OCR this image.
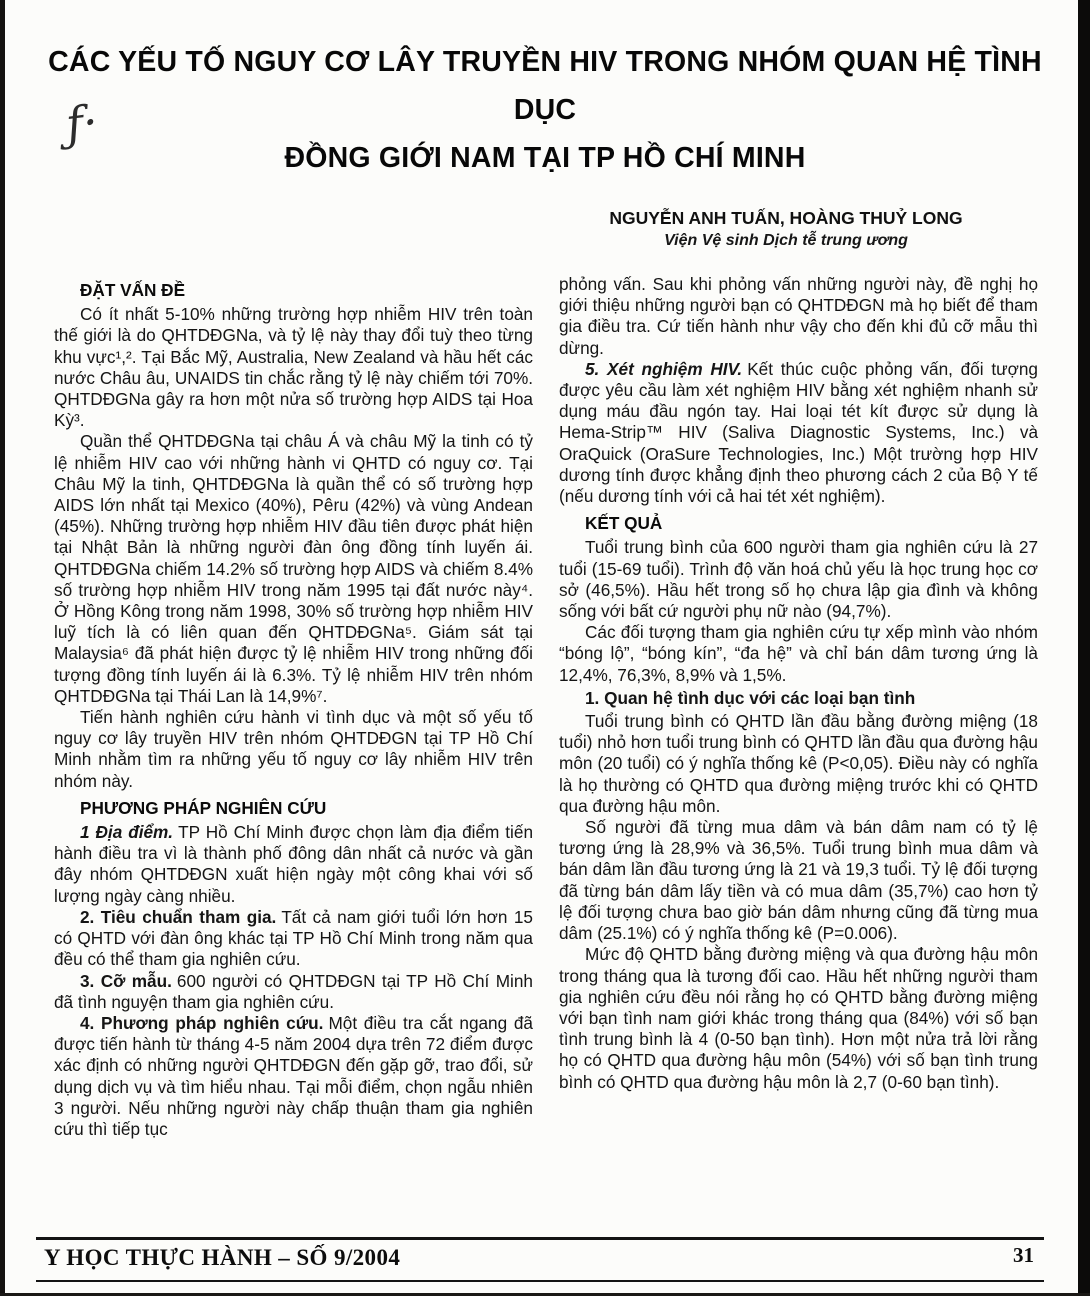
ƒ·
CÁC YẾU TỐ NGUY CƠ LÂY TRUYỀN HIV TRONG NHÓM QUAN HỆ TÌNH DỤC
ĐỒNG GIỚI NAM TẠI TP HỒ CHÍ MINH
NGUYỄN ANH TUẤN, HOÀNG THUỶ LONG
Viện Vệ sinh Dịch tễ trung ương
ĐẶT VẤN ĐỀ

Có ít nhất 5-10% những trường hợp nhiễm HIV trên toàn thế giới là do QHTDĐGNa, và tỷ lệ này thay đổi tuỳ theo từng khu vực¹,². Tại Bắc Mỹ, Australia, New Zealand và hầu hết các nước Châu âu, UNAIDS tin chắc rằng tỷ lệ này chiếm tới 70%. QHTDĐGNa gây ra hơn một nửa số trường hợp AIDS tại Hoa Kỳ³.

Quần thể QHTDĐGNa tại châu Á và châu Mỹ la tinh có tỷ lệ nhiễm HIV cao với những hành vi QHTD có nguy cơ. Tại Châu Mỹ la tinh, QHTDĐGNa là quần thể có số trường hợp AIDS lớn nhất tại Mexico (40%), Pêru (42%) và vùng Andean (45%). Những trường hợp nhiễm HIV đầu tiên được phát hiện tại Nhật Bản là những người đàn ông đồng tính luyến ái. QHTDĐGNa chiếm 14.2% số trường hợp AIDS và chiếm 8.4% số trường hợp nhiễm HIV trong năm 1995 tại đất nước này⁴. Ở Hồng Kông trong năm 1998, 30% số trường hợp nhiễm HIV luỹ tích là có liên quan đến QHTDĐGNa⁵. Giám sát tại Malaysia⁶ đã phát hiện được tỷ lệ nhiễm HIV trong những đối tượng đồng tính luyến ái là 6.3%. Tỷ lệ nhiễm HIV trên nhóm QHTDĐGNa tại Thái Lan là 14,9%⁷.

Tiến hành nghiên cứu hành vi tình dục và một số yếu tố nguy cơ lây truyền HIV trên nhóm QHTDĐGN tại TP Hồ Chí Minh nhằm tìm ra những yếu tố nguy cơ lây nhiễm HIV trên nhóm này.

PHƯƠNG PHÁP NGHIÊN CỨU

1 Địa điểm. TP Hồ Chí Minh được chọn làm địa điểm tiến hành điều tra vì là thành phố đông dân nhất cả nước và gần đây nhóm QHTDĐGN xuất hiện ngày một công khai với số lượng ngày càng nhiều.

2. Tiêu chuẩn tham gia. Tất cả nam giới tuổi lớn hơn 15 có QHTD với đàn ông khác tại TP Hồ Chí Minh trong năm qua đều có thể tham gia nghiên cứu.

3. Cỡ mẫu. 600 người có QHTDĐGN tại TP Hồ Chí Minh đã tình nguyện tham gia nghiên cứu.

4. Phương pháp nghiên cứu. Một điều tra cắt ngang đã được tiến hành từ tháng 4-5 năm 2004 dựa trên 72 điểm được xác định có những người QHTDĐGN đến gặp gỡ, trao đổi, sử dụng dịch vụ và tìm hiểu nhau. Tại mỗi điểm, chọn ngẫu nhiên 3 người. Nếu những người này chấp thuận tham gia nghiên cứu thì tiếp tục

phỏng vấn. Sau khi phỏng vấn những người này, đề nghị họ giới thiệu những người bạn có QHTDĐGN mà họ biết để tham gia điều tra. Cứ tiến hành như vậy cho đến khi đủ cỡ mẫu thì dừng.

5. Xét nghiệm HIV. Kết thúc cuộc phỏng vấn, đối tượng được yêu cầu làm xét nghiệm HIV bằng xét nghiệm nhanh sử dụng máu đầu ngón tay. Hai loại tét kít được sử dụng là Hema-Strip™ HIV (Saliva Diagnostic Systems, Inc.) và OraQuick (OraSure Technologies, Inc.) Một trường hợp HIV dương tính được khẳng định theo phương cách 2 của Bộ Y tế (nếu dương tính với cả hai tét xét nghiệm).

KẾT QUẢ

Tuổi trung bình của 600 người tham gia nghiên cứu là 27 tuổi (15-69 tuổi). Trình độ văn hoá chủ yếu là học trung học cơ sở (46,5%). Hầu hết trong số họ chưa lập gia đình và không sống với bất cứ người phụ nữ nào (94,7%).

Các đối tượng tham gia nghiên cứu tự xếp mình vào nhóm “bóng lộ”, “bóng kín”, “đa hệ” và chỉ bán dâm tương ứng là 12,4%, 76,3%, 8,9% và 1,5%.

1. Quan hệ tình dục với các loại bạn tình

Tuổi trung bình có QHTD lần đầu bằng đường miệng (18 tuổi) nhỏ hơn tuổi trung bình có QHTD lần đầu qua đường hậu môn (20 tuổi) có ý nghĩa thống kê (P<0,05). Điều này có nghĩa là họ thường có QHTD qua đường miệng trước khi có QHTD qua đường hậu môn.

Số người đã từng mua dâm và bán dâm nam có tỷ lệ tương ứng là 28,9% và 36,5%. Tuổi trung bình mua dâm và bán dâm lần đầu tương ứng là 21 và 19,3 tuổi. Tỷ lệ đối tượng đã từng bán dâm lấy tiền và có mua dâm (35,7%) cao hơn tỷ lệ đối tượng chưa bao giờ bán dâm nhưng cũng đã từng mua dâm (25.1%) có ý nghĩa thống kê (P=0.006).

Mức độ QHTD bằng đường miệng và qua đường hậu môn trong tháng qua là tương đối cao. Hầu hết những người tham gia nghiên cứu đều nói rằng họ có QHTD bằng đường miệng với bạn tình nam giới khác trong tháng qua (84%) với số bạn tình trung bình là 4 (0-50 bạn tình). Hơn một nửa trả lời rằng họ có QHTD qua đường hậu môn (54%) với số bạn tình trung bình có QHTD qua đường hậu môn là 2,7 (0-60 bạn tình).

Y HỌC THỰC HÀNH – SỐ 9/2004	31
